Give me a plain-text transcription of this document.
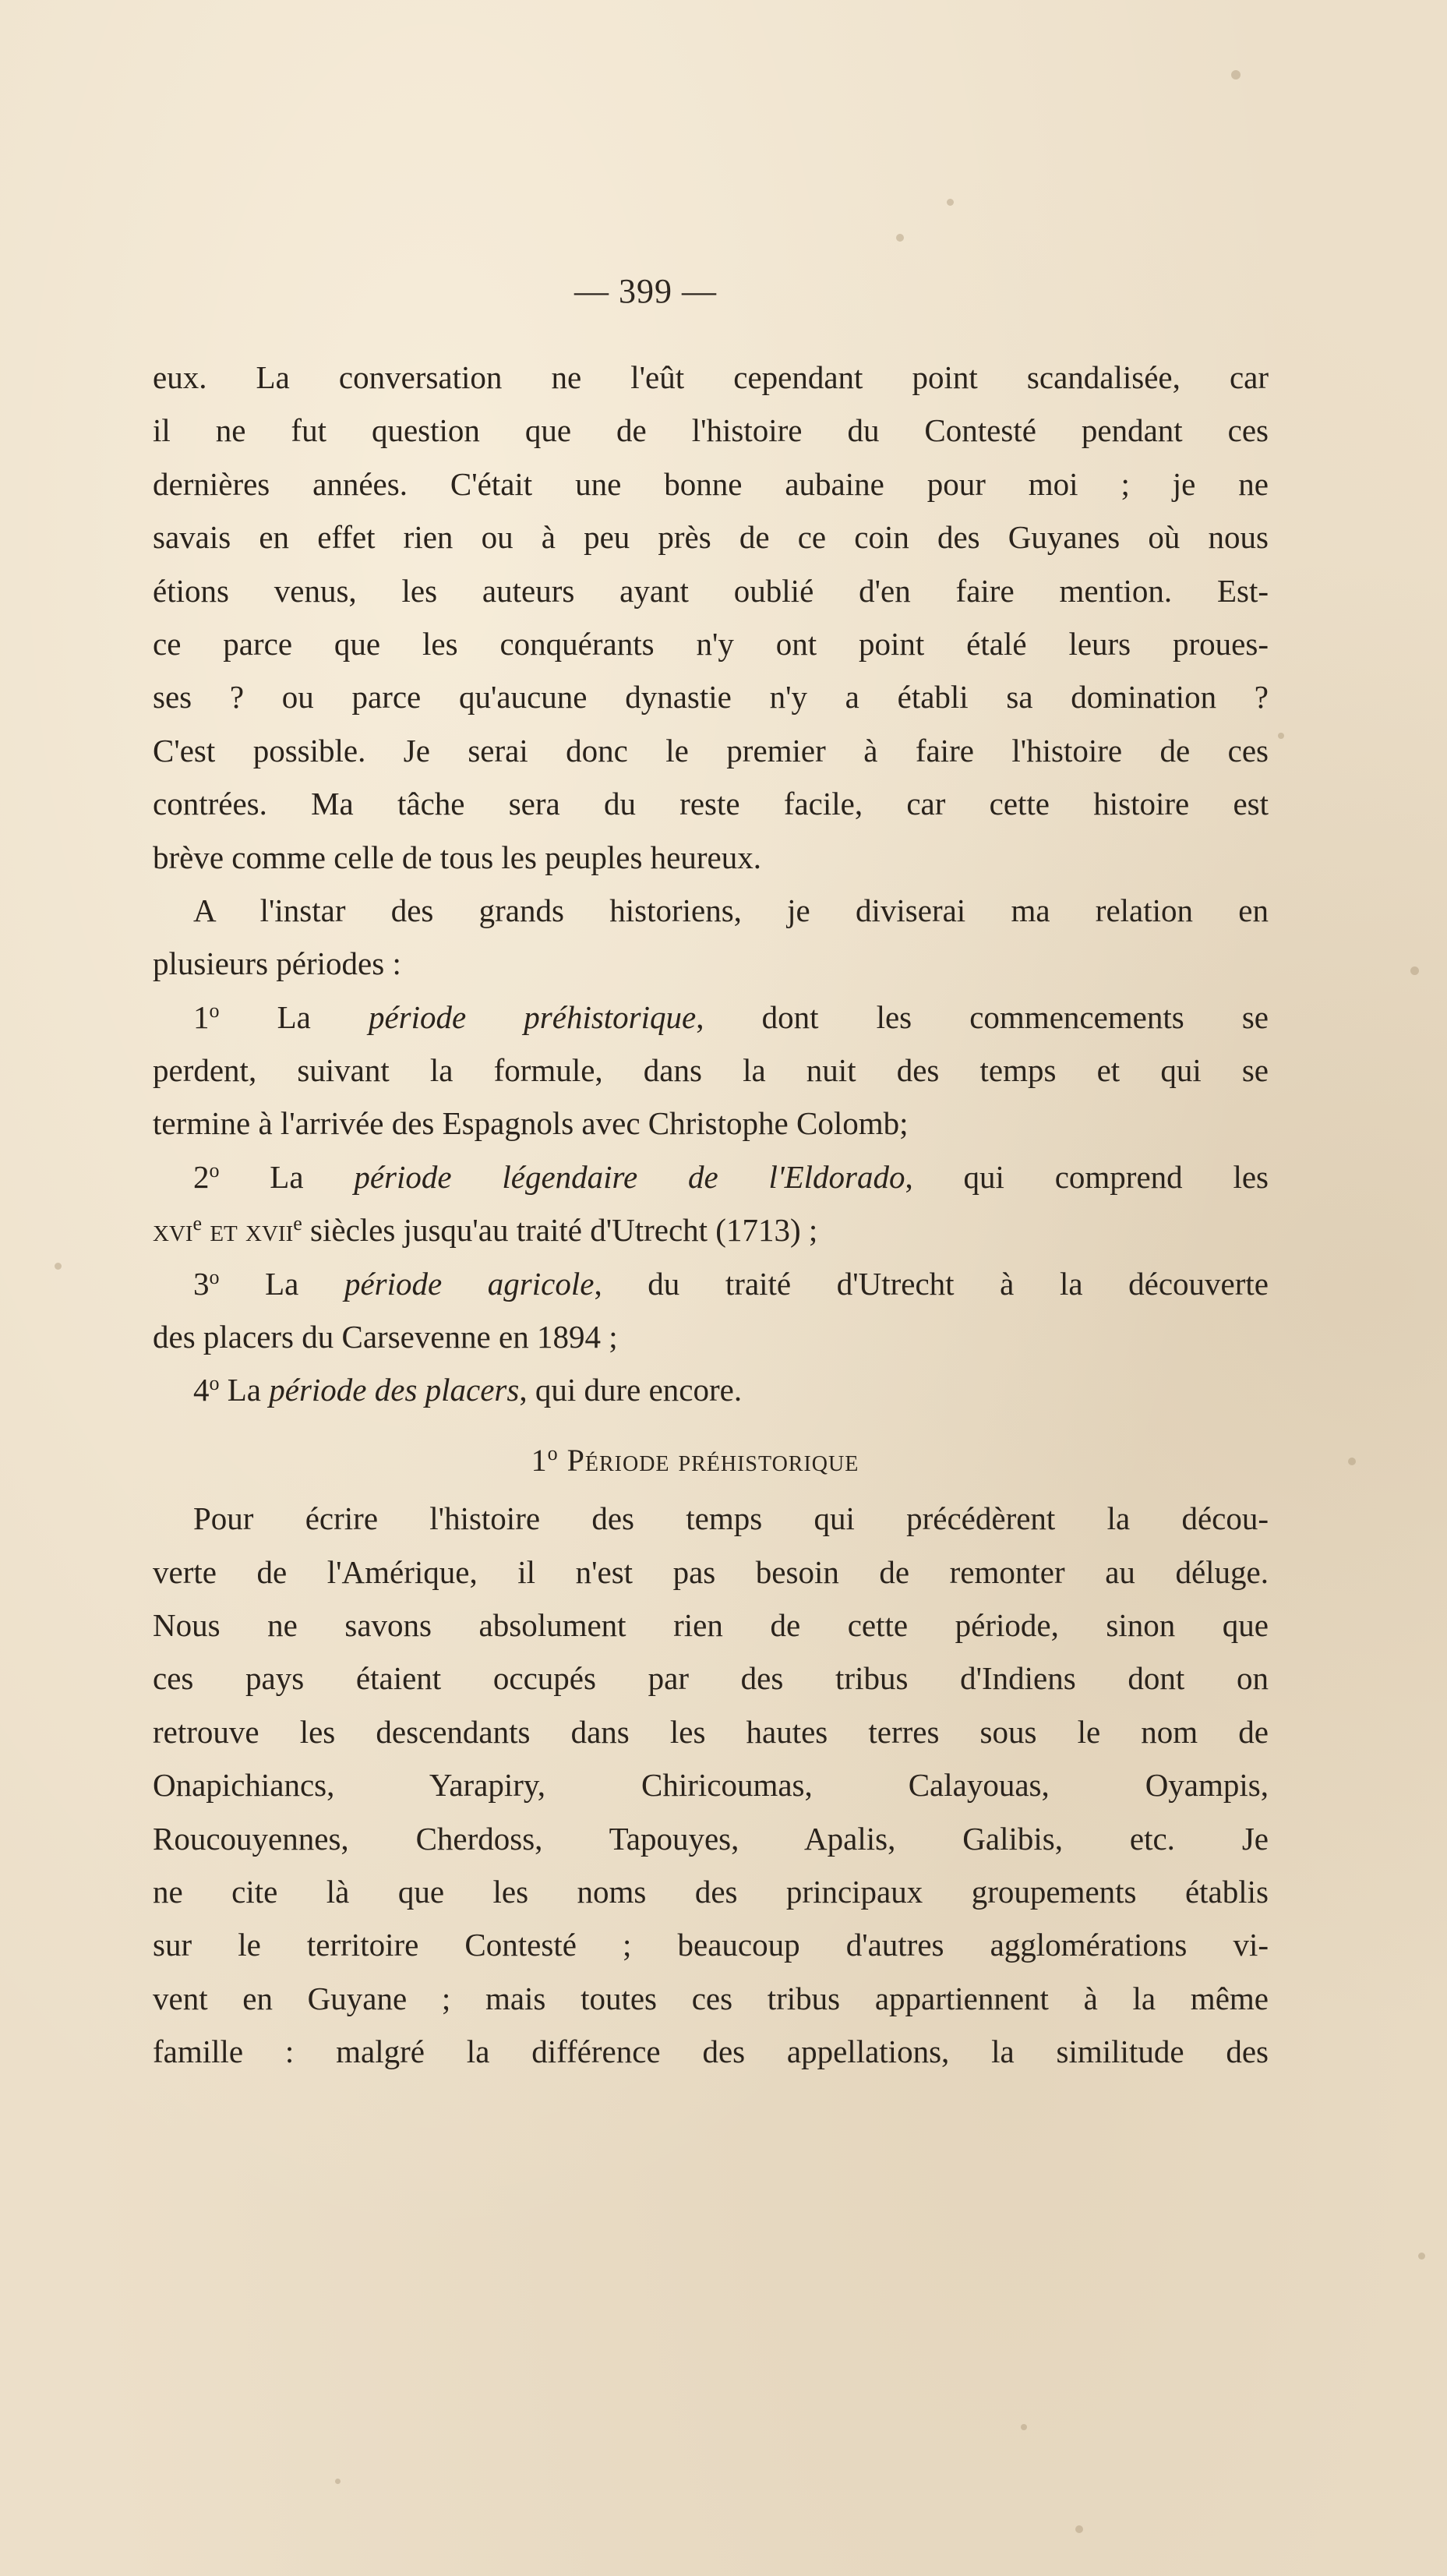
— 399 —
eux. La conversation ne l'eût cependant point scandalisée, car
il ne fut question que de l'histoire du Contesté pendant ces
dernières années. C'était une bonne aubaine pour moi ; je ne
savais en effet rien ou à peu près de ce coin des Guyanes où nous
étions venus, les auteurs ayant oublié d'en faire mention. Est-
ce parce que les conquérants n'y ont point étalé leurs proues-
ses ? ou parce qu'aucune dynastie n'y a établi sa domination ?
C'est possible. Je serai donc le premier à faire l'histoire de ces
contrées. Ma tâche sera du reste facile, car cette histoire est
brève comme celle de tous les peuples heureux.
A l'instar des grands historiens, je diviserai ma relation en
plusieurs périodes :
1$^o$ La période préhistorique, dont les commencements se
perdent, suivant la formule, dans la nuit des temps et qui se
termine à l'arrivée des Espagnols avec Christophe Colomb;
2$^o$ La période légendaire de l'Eldorado, qui comprend les
xvi$^e$ et xvii$^e$ siècles jusqu'au traité d'Utrecht (1713) ;
3$^o$ La période agricole, du traité d'Utrecht à la découverte
des placers du Carsevenne en 1894 ;
4$^o$ La période des placers, qui dure encore.
1$^o$ Période préhistorique
Pour écrire l'histoire des temps qui précédèrent la décou-
verte de l'Amérique, il n'est pas besoin de remonter au déluge.
Nous ne savons absolument rien de cette période, sinon que
ces pays étaient occupés par des tribus d'Indiens dont on
retrouve les descendants dans les hautes terres sous le nom de
Onapichiancs, Yarapiry, Chiricoumas, Calayouas, Oyampis,
Roucouyennes, Cherdoss, Tapouyes, Apalis, Galibis, etc. Je
ne cite là que les noms des principaux groupements établis
sur le territoire Contesté ; beaucoup d'autres agglomérations vi-
vent en Guyane ; mais toutes ces tribus appartiennent à la même
famille : malgré la différence des appellations, la similitude des
